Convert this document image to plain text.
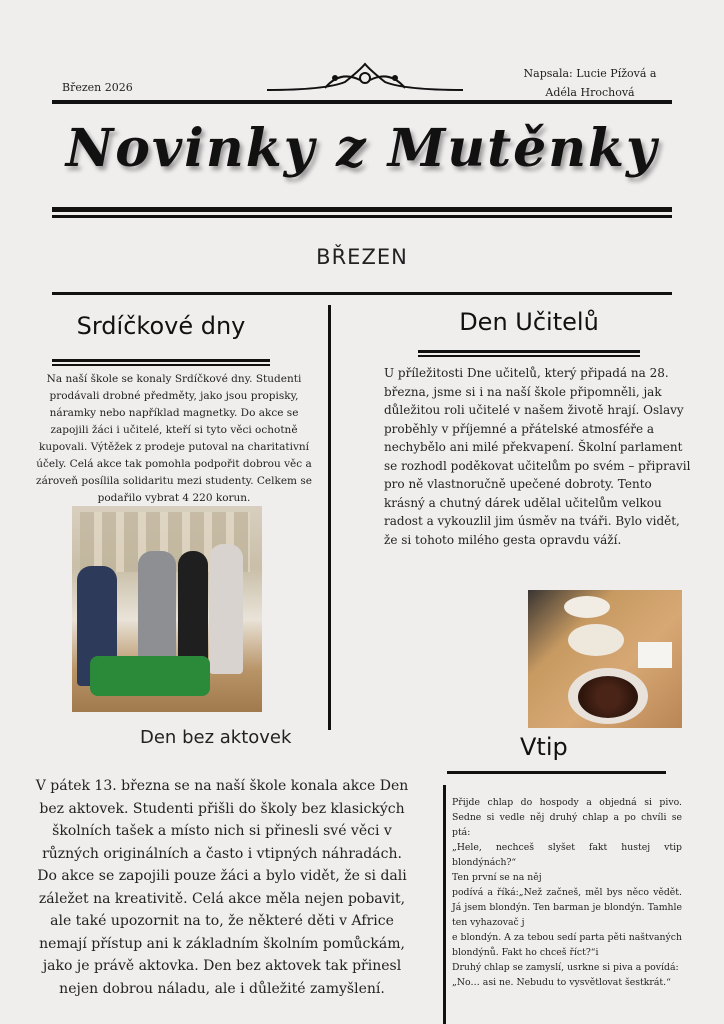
Březen 2026
Napsala: Lucie Pížová a
Adéla Hrochová
Novinky z Mutěnky
BŘEZEN
Srdíčkové dny
Na naší škole se konaly Srdíčkové dny. Studenti prodávali drobné předměty, jako jsou propisky, náramky nebo například magnetky. Do akce se zapojili žáci i učitelé, kteří si tyto věci ochotně kupovali. Výtěžek z prodeje putoval na charitativní účely. Celá akce tak pomohla podpořit dobrou věc a zároveň posílila solidaritu mezi studenty. Celkem se podařilo vybrat 4 220 korun.
Den bez aktovek
V pátek 13. března se na naší škole konala akce Den bez aktovek. Studenti přišli do školy bez klasických školních tašek a místo nich si přinesli své věci v různých originálních a často i vtipných náhradách. Do akce se zapojili pouze žáci a bylo vidět, že si dali záležet na kreativitě. Celá akce měla nejen pobavit, ale také upozornit na to, že některé děti v Africe nemají přístup ani k základním školním pomůckám, jako je právě aktovka. Den bez aktovek tak přinesl nejen dobrou náladu, ale i důležité zamyšlení.
Den Učitelů
U příležitosti Dne učitelů, který připadá na 28. března, jsme si i na naší škole připomněli, jak důležitou roli učitelé v našem životě hrají. Oslavy proběhly v příjemné a přátelské atmosféře a nechybělo ani milé překvapení. Školní parlament se rozhodl poděkovat učitelům po svém – připravil pro ně vlastnoručně upečené dobroty. Tento krásný a chutný dárek udělal učitelům velkou radost a vykouzlil jim úsměv na tváři. Bylo vidět, že si tohoto milého gesta opravdu váží.
Vtip
Přijde chlap do hospody a objedná si pivo. Sedne si vedle něj druhý chlap a po chvíli se ptá:
„Hele, nechceš slyšet fakt hustej vtip blondýnách?“
Ten první se na něj
podívá a říká:„Než začneš, měl bys něco vědět. Já jsem blondýn. Ten barman je blondýn. Tamhle ten vyhazovač j
e blondýn. A za tebou sedí parta pěti naštvaných blondýnů. Fakt ho chceš říct?“i
Druhý chlap se zamyslí, usrkne si piva a povídá:
„No… asi ne. Nebudu to vysvětlovat šestkrát.“
